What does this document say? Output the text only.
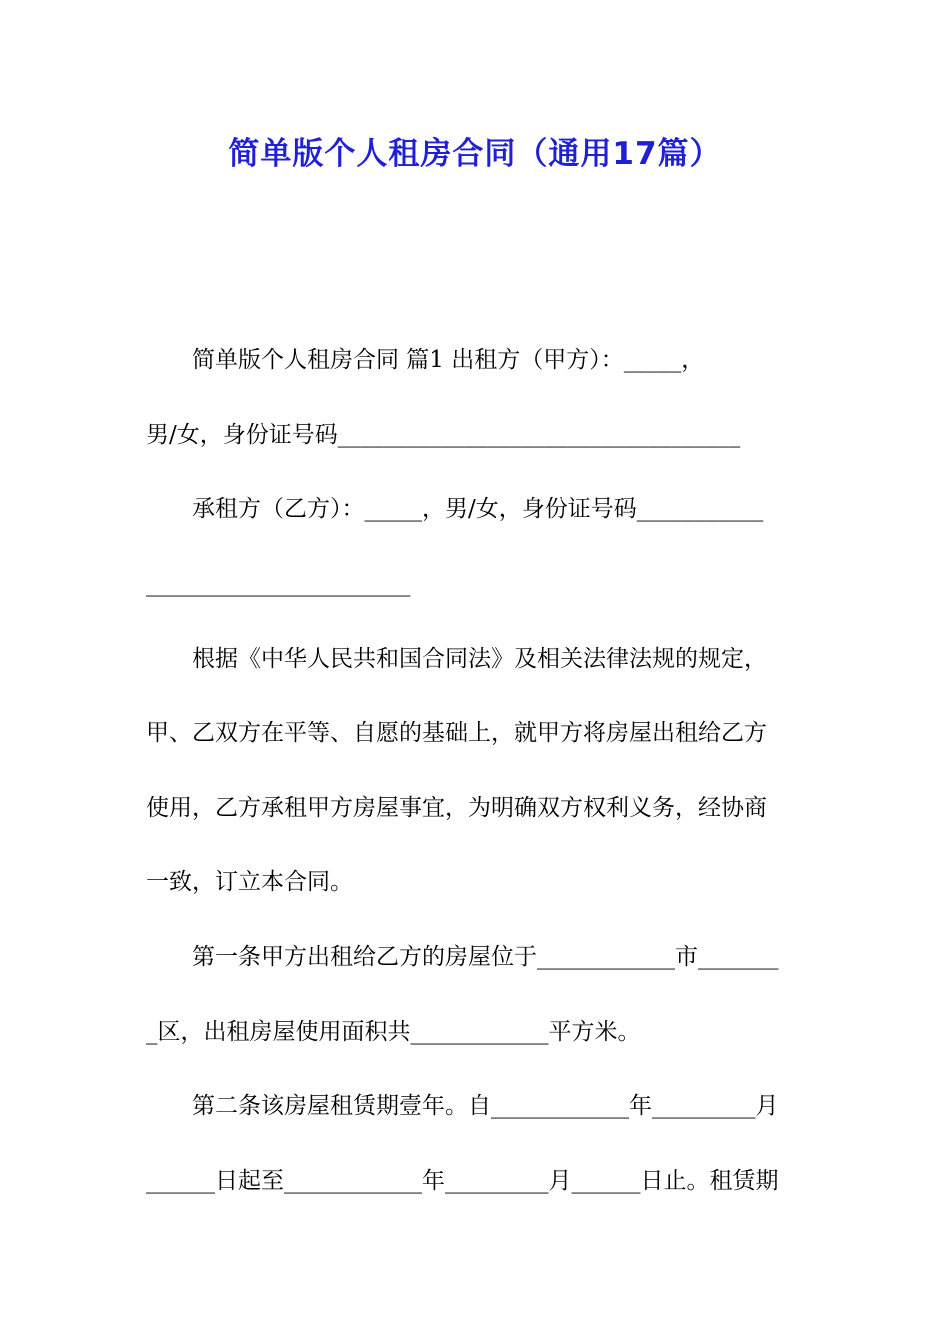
简单版个人租房合同（通用17篇）

简单版个人租房合同 篇1 出租方（甲方）：_____，

男/女，身份证号码___________________________________

承租方（乙方）：_____，男/女，身份证号码___________

_______________________

根据《中华人民共和国合同法》及相关法律法规的规定，

甲、乙双方在平等、自愿的基础上，就甲方将房屋出租给乙方

使用，乙方承租甲方房屋事宜，为明确双方权利义务，经协商

一致，订立本合同。

第一条甲方出租给乙方的房屋位于____________市_______

_区，出租房屋使用面积共____________平方米。

第二条该房屋租赁期壹年。自____________年_________月

______日起至____________年_________月______日止。租赁期
